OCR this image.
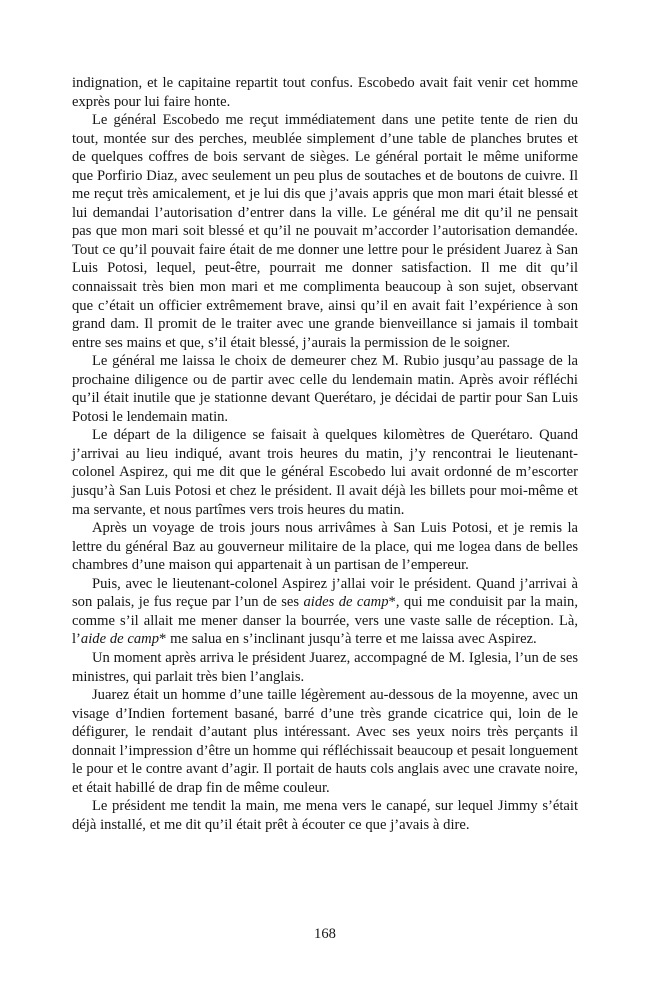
indignation, et le capitaine repartit tout confus. Escobedo avait fait venir cet homme exprès pour lui faire honte.

Le général Escobedo me reçut immédiatement dans une petite tente de rien du tout, montée sur des perches, meublée simplement d’une table de planches brutes et de quelques coffres de bois servant de sièges. Le général portait le même uniforme que Porfirio Diaz, avec seulement un peu plus de soutaches et de boutons de cuivre. Il me reçut très amicalement, et je lui dis que j’avais appris que mon mari était blessé et lui demandai l’autorisation d’entrer dans la ville. Le général me dit qu’il ne pensait pas que mon mari soit blessé et qu’il ne pouvait m’accorder l’autorisation demandée. Tout ce qu’il pouvait faire était de me donner une lettre pour le président Juarez à San Luis Potosi, lequel, peut-être, pourrait me donner satisfaction. Il me dit qu’il connaissait très bien mon mari et me complimenta beaucoup à son sujet, observant que c’était un officier extrêmement brave, ainsi qu’il en avait fait l’expérience à son grand dam. Il promit de le traiter avec une grande bienveillance si jamais il tombait entre ses mains et que, s’il était blessé, j’aurais la permission de le soigner.

Le général me laissa le choix de demeurer chez M. Rubio jusqu’au passage de la prochaine diligence ou de partir avec celle du lendemain matin. Après avoir réfléchi qu’il était inutile que je stationne devant Querétaro, je décidai de partir pour San Luis Potosi le lendemain matin.

Le départ de la diligence se faisait à quelques kilomètres de Querétaro. Quand j’arrivai au lieu indiqué, avant trois heures du matin, j’y rencontrai le lieutenant-colonel Aspirez, qui me dit que le général Escobedo lui avait ordonné de m’escorter jusqu’à San Luis Potosi et chez le président. Il avait déjà les billets pour moi-même et ma servante, et nous partîmes vers trois heures du matin.

Après un voyage de trois jours nous arrivâmes à San Luis Potosi, et je remis la lettre du général Baz au gouverneur militaire de la place, qui me logea dans de belles chambres d’une maison qui appartenait à un partisan de l’empereur.

Puis, avec le lieutenant-colonel Aspirez j’allai voir le président. Quand j’arrivai à son palais, je fus reçue par l’un de ses aides de camp*, qui me conduisit par la main, comme s’il allait me mener danser la bourrée, vers une vaste salle de réception. Là, l’aide de camp* me salua en s’inclinant jusqu’à terre et me laissa avec Aspirez.

Un moment après arriva le président Juarez, accompagné de M. Iglesia, l’un de ses ministres, qui parlait très bien l’anglais.

Juarez était un homme d’une taille légèrement au-dessous de la moyenne, avec un visage d’Indien fortement basané, barré d’une très grande cicatrice qui, loin de le défigurer, le rendait d’autant plus intéressant. Avec ses yeux noirs très perçants il donnait l’impression d’être un homme qui réfléchissait beaucoup et pesait longuement le pour et le contre avant d’agir. Il portait de hauts cols anglais avec une cravate noire, et était habillé de drap fin de même couleur.

Le président me tendit la main, me mena vers le canapé, sur lequel Jimmy s’était déjà installé, et me dit qu’il était prêt à écouter ce que j’avais à dire.

168
